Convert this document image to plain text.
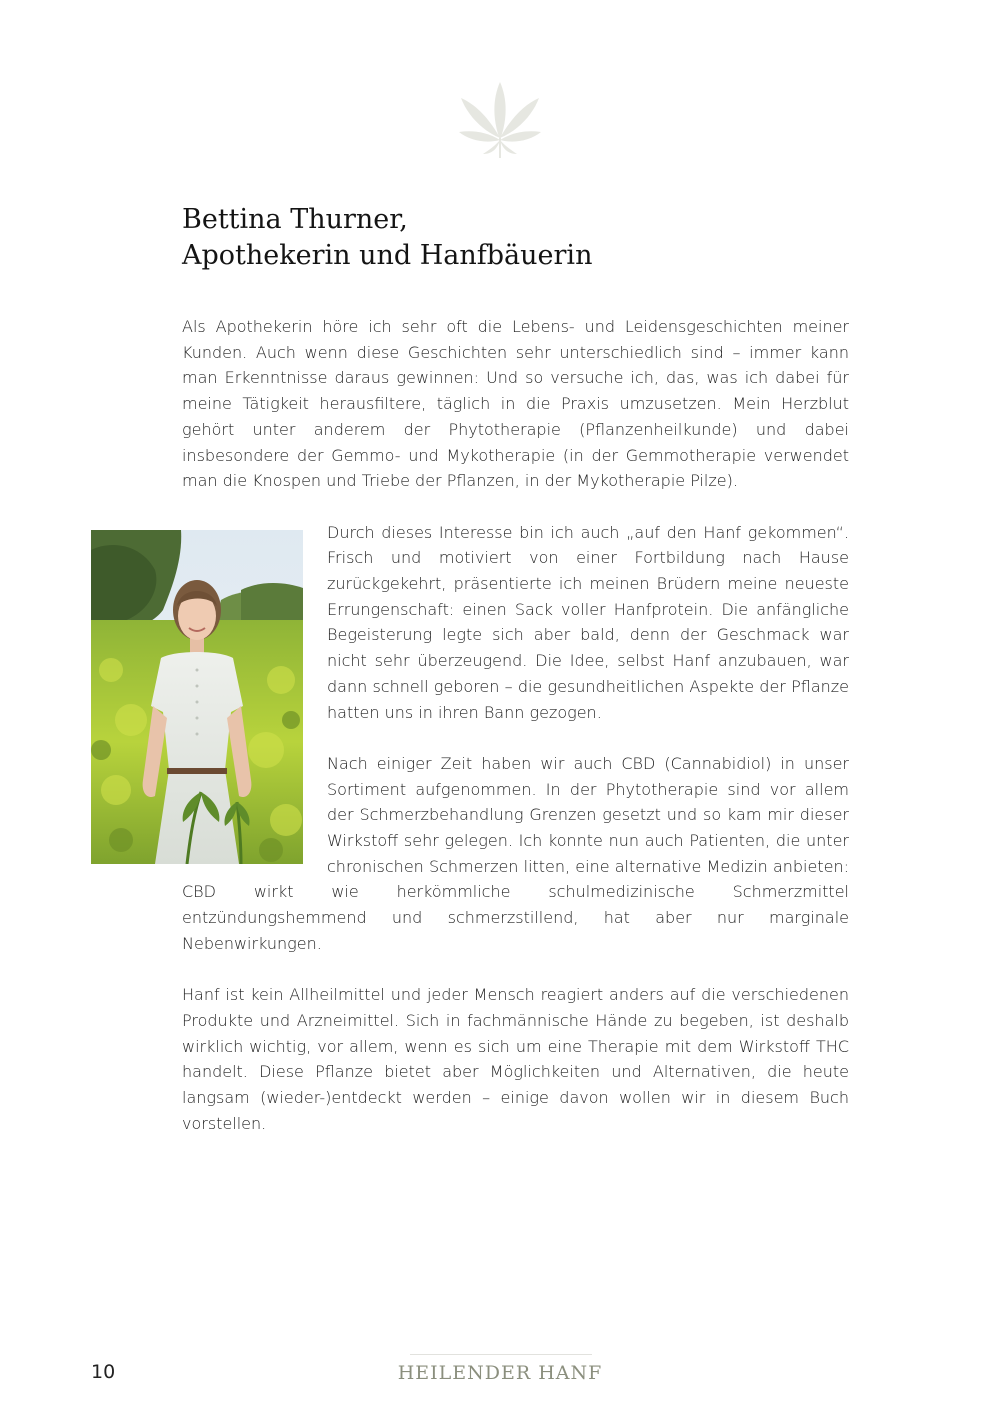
Bettina Thurner,
Apothekerin und Hanfbäuerin

Als Apothekerin höre ich sehr oft die Lebens- und Leidensgeschichten meiner Kunden. Auch wenn diese Geschichten sehr unterschiedlich sind – immer kann man Erkenntnisse daraus gewinnen: Und so versuche ich, das, was ich dabei für meine Tätigkeit herausfiltere, täglich in die Praxis umzusetzen. Mein Herzblut gehört unter anderem der Phytotherapie (Pflanzenheilkunde) und dabei insbesondere der Gemmo- und Mykotherapie (in der Gemmotherapie verwendet man die Knospen und Triebe der Pflanzen, in der Mykotherapie Pilze).

Durch dieses Interesse bin ich auch „auf den Hanf gekommen“. Frisch und motiviert von einer Fortbildung nach Hause zurückgekehrt, präsentierte ich meinen Brüdern meine neueste Errungenschaft: einen Sack voller Hanfprotein. Die anfängliche Begeisterung legte sich aber bald, denn der Geschmack war nicht sehr überzeugend. Die Idee, selbst Hanf anzubauen, war dann schnell geboren – die gesundheitlichen Aspekte der Pflanze hatten uns in ihren Bann gezogen.

Nach einiger Zeit haben wir auch CBD (Cannabidiol) in unser Sortiment aufgenommen. In der Phytotherapie sind vor allem der Schmerzbehandlung Grenzen gesetzt und so kam mir dieser Wirkstoff sehr gelegen. Ich konnte nun auch Patienten, die unter chronischen Schmerzen litten, eine alternative Medizin anbieten: CBD wirkt wie herkömmliche schulmedizinische Schmerzmittel entzündungshemmend und schmerzstillend, hat aber nur marginale Nebenwirkungen.

Hanf ist kein Allheilmittel und jeder Mensch reagiert anders auf die verschiedenen Produkte und Arzneimittel. Sich in fachmännische Hände zu begeben, ist deshalb wirklich wichtig, vor allem, wenn es sich um eine Therapie mit dem Wirkstoff THC handelt. Diese Pflanze bietet aber Möglichkeiten und Alternativen, die heute langsam (wieder-)entdeckt werden – einige davon wollen wir in diesem Buch vorstellen.

10	HEILENDER HANF
